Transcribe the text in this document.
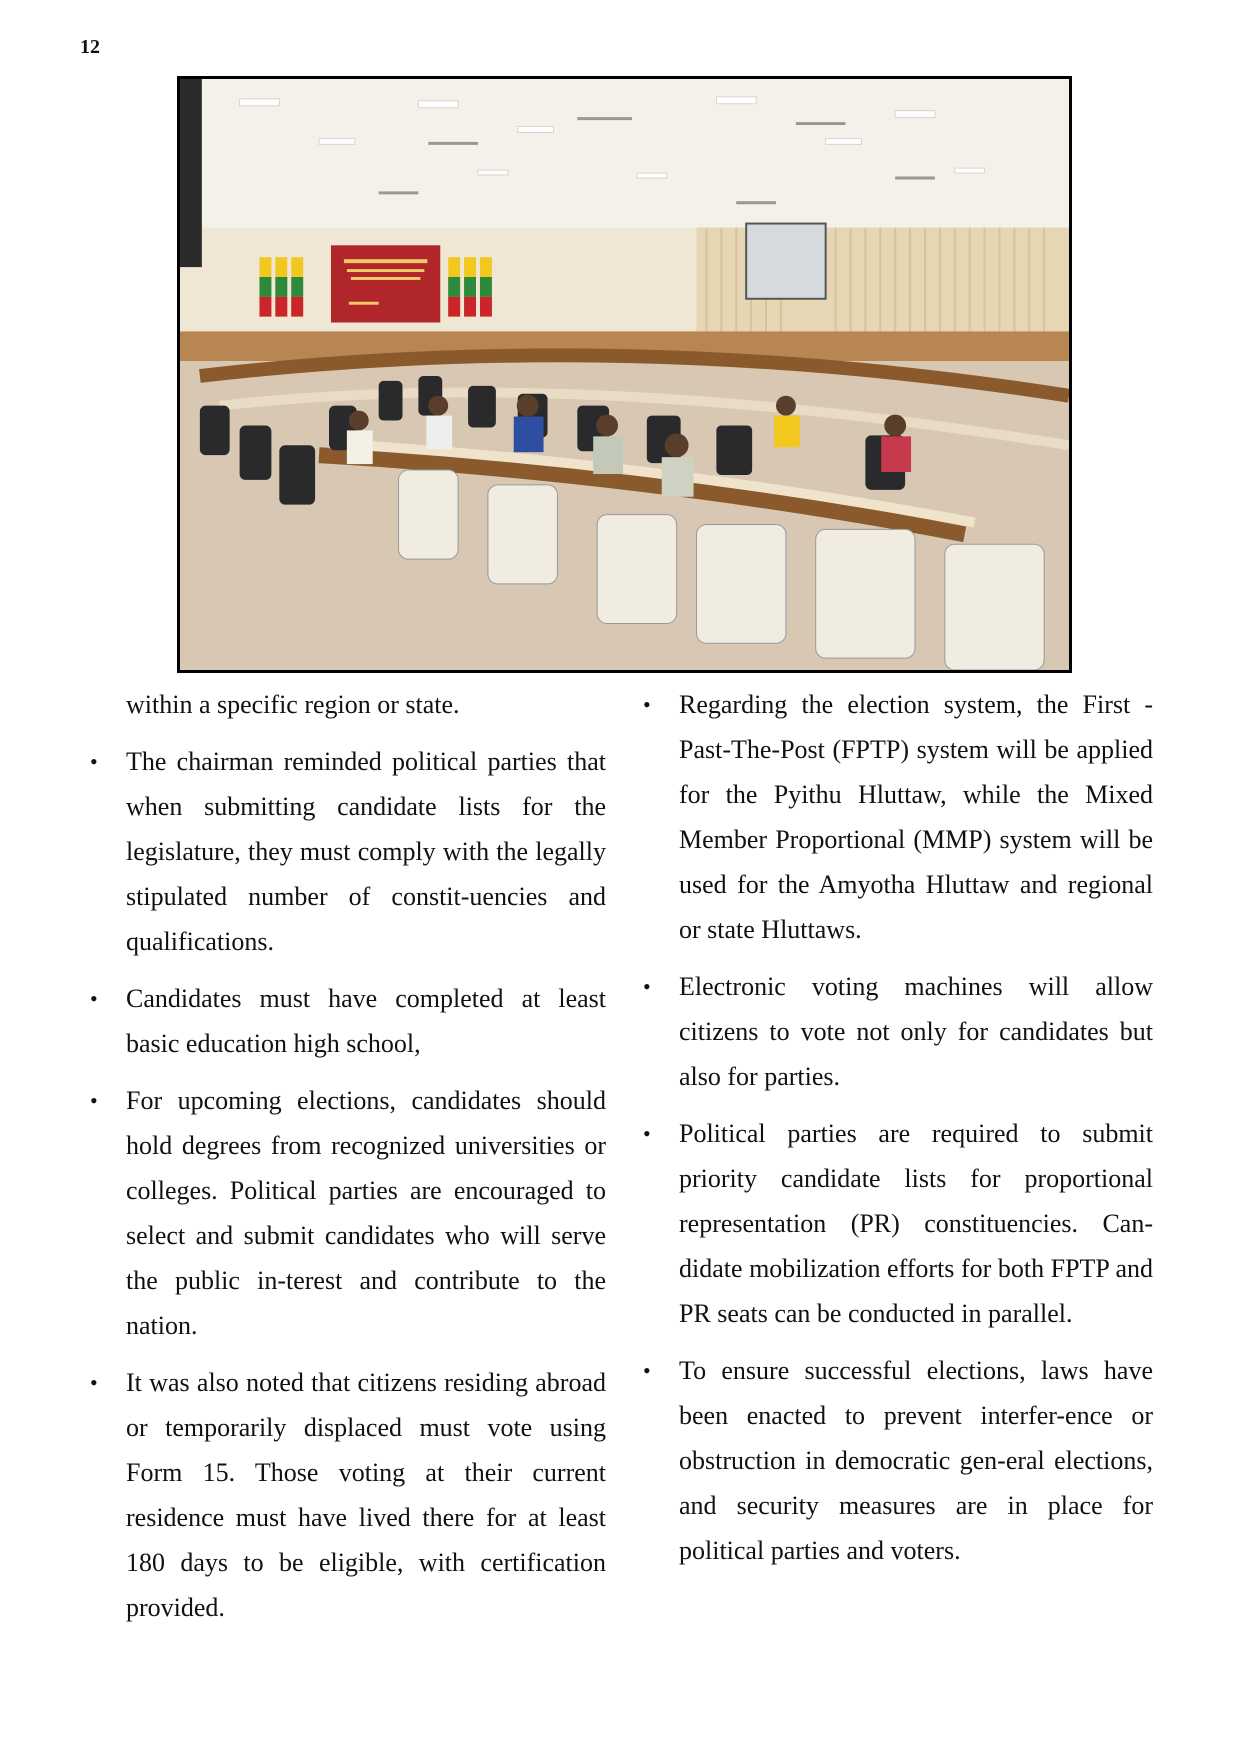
12

within a specific region or state.

• The chairman reminded political parties that when submitting candidate lists for the legislature, they must comply with the legally stipulated number of constit-uencies and qualifications.

• Candidates must have completed at least basic education high school,

• For upcoming elections, candidates should hold degrees from recognized universities or colleges. Political parties are encouraged to select and submit candidates who will serve the public in-terest and contribute to the nation.

• It was also noted that citizens residing abroad or temporarily displaced must vote using Form 15. Those voting at their current residence must have lived there for at least 180 days to be eligible, with certification provided.

• Regarding the election system, the First -Past-The-Post (FPTP) system will be applied for the Pyithu Hluttaw, while the Mixed Member Proportional (MMP) system will be used for the Amyotha Hluttaw and regional or state Hluttaws.

• Electronic voting machines will allow citizens to vote not only for candidates but also for parties.

• Political parties are required to submit priority candidate lists for proportional representation (PR) constituencies. Can-didate mobilization efforts for both FPTP and PR seats can be conducted in parallel.

• To ensure successful elections, laws have been enacted to prevent interfer-ence or obstruction in democratic gen-eral elections, and security measures are in place for political parties and voters.
